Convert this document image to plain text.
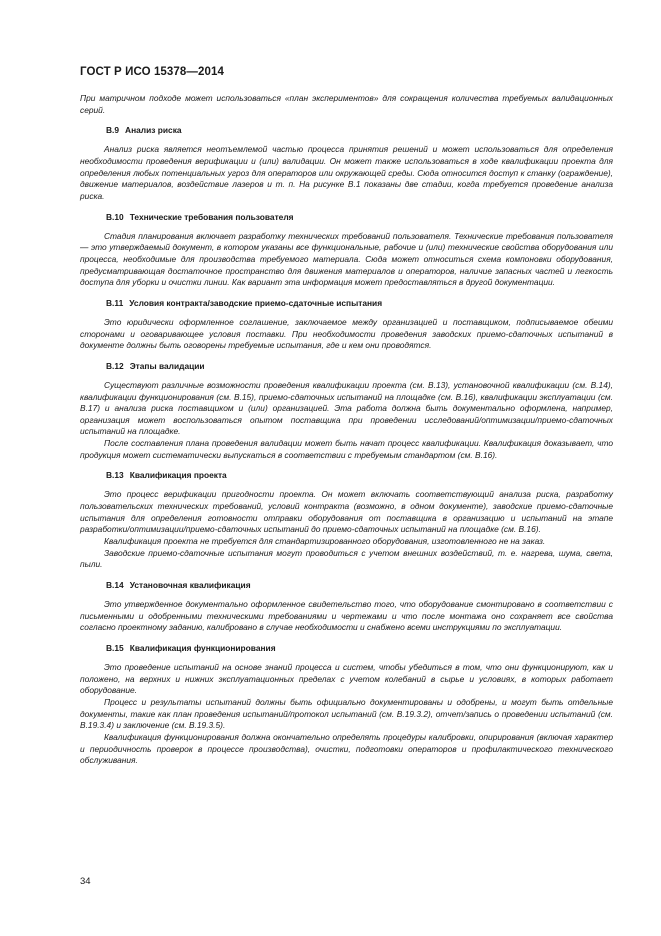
ГОСТ Р ИСО 15378—2014

При матричном подходе может использоваться «план экспериментов» для сокращения количества требуемых валидационных серий.

B.9 Анализ риска

Анализ риска является неотъемлемой частью процесса принятия решений и может использоваться для определения необходимости проведения верификации и (или) валидации. Он может также использоваться в ходе квалификации проекта для определения любых потенциальных угроз для операторов или окружающей среды. Сюда относится доступ к станку (ограждение), движение материалов, воздействие лазеров и т. п. На рисунке B.1 показаны две стадии, когда требуется проведение анализа риска.

B.10 Технические требования пользователя

Стадия планирования включает разработку технических требований пользователя. Технические требования пользователя — это утверждаемый документ, в котором указаны все функциональные, рабочие и (или) технические свойства оборудования или процесса, необходимые для производства требуемого материала. Сюда может относиться схема компоновки оборудования, предусматривающая достаточное пространство для движения материалов и операторов, наличие запасных частей и легкость доступа для уборки и очистки линии. Как вариант эта информация может предоставляться в другой документации.

B.11 Условия контракта/заводские приемо-сдаточные испытания

Это юридически оформленное соглашение, заключаемое между организацией и поставщиком, подписываемое обеими сторонами и оговаривающее условия поставки. При необходимости проведения заводских приемо-сдаточных испытаний в документе должны быть оговорены требуемые испытания, где и кем они проводятся.

B.12 Этапы валидации

Существуют различные возможности проведения квалификации проекта (см. B.13), установочной квалификации (см. B.14), квалификации функционирования (см. B.15), приемо-сдаточных испытаний на площадке (см. B.16), квалификации эксплуатации (см. B.17) и анализа риска поставщиком и (или) организацией. Эта работа должна быть документально оформлена, например, организация может воспользоваться опытом поставщика при проведении исследований/оптимизации/приемо-сдаточных испытаний на площадке.

После составления плана проведения валидации может быть начат процесс квалификации. Квалификация доказывает, что продукция может систематически выпускаться в соответствии с требуемым стандартом (см. B.16).

B.13 Квалификация проекта

Это процесс верификации пригодности проекта. Он может включать соответствующий анализа риска, разработку пользовательских технических требований, условий контракта (возможно, в одном документе), заводские приемо-сдаточные испытания для определения готовности отправки оборудования от поставщика в организацию и испытаний на этапе разработки/оптимизации/приемо-сдаточных испытаний до приемо-сдаточных испытаний на площадке (см. B.16).

Квалификация проекта не требуется для стандартизированного оборудования, изготовленного не на заказ.

Заводские приемо-сдаточные испытания могут проводиться с учетом внешних воздействий, т. е. нагрева, шума, света, пыли.

B.14 Установочная квалификация

Это утвержденное документально оформленное свидетельство того, что оборудование смонтировано в соответствии с письменными и одобренными техническими требованиями и чертежами и что после монтажа оно сохраняет все свойства согласно проектному заданию, калибровано в случае необходимости и снабжено всеми инструкциями по эксплуатации.

B.15 Квалификация функционирования

Это проведение испытаний на основе знаний процесса и систем, чтобы убедиться в том, что они функционируют, как и положено, на верхних и нижних эксплуатационных пределах с учетом колебаний в сырье и условиях, в которых работает оборудование.

Процесс и результаты испытаний должны быть официально документированы и одобрены, и могут быть отдельные документы, такие как план проведения испытаний/протокол испытаний (см. B.19.3.2), отчет/запись о проведении испытаний (см. B.19.3.4) и заключение (см. B.19.3.5).

Квалификация функционирования должна окончательно определять процедуры калибровки, опирирования (включая характер и периодичность проверок в процессе производства), очистки, подготовки операторов и профилактического технического обслуживания.

34
